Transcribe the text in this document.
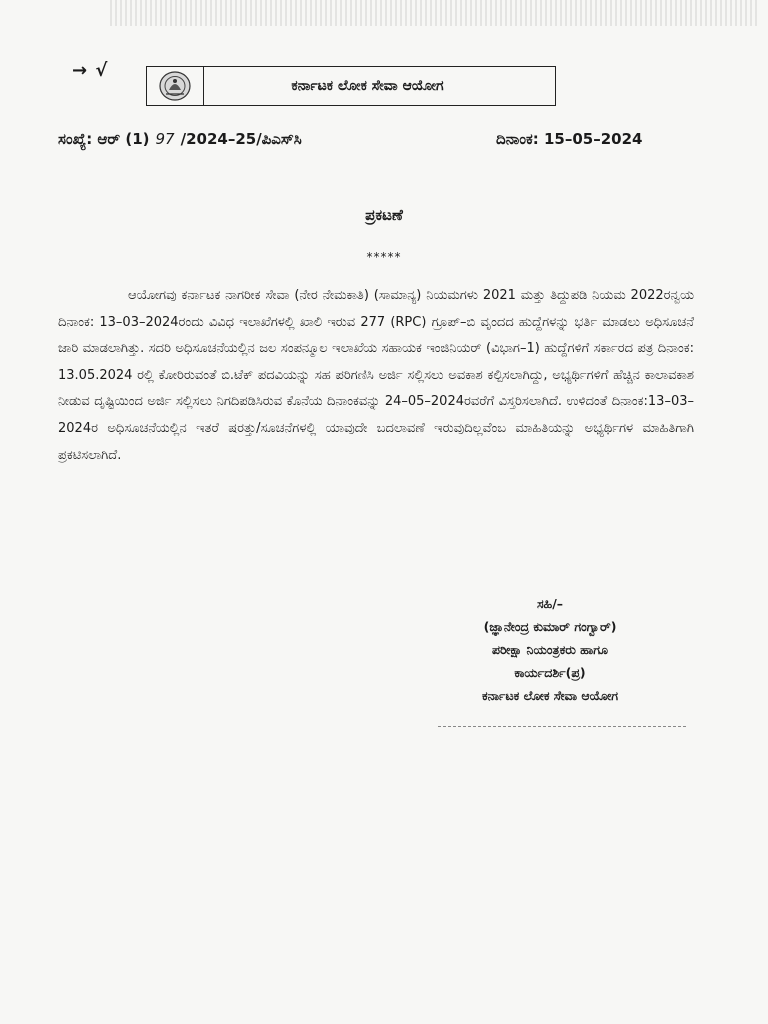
→ √
ಕರ್ನಾಟಕ ಲೋಕ ಸೇವಾ ಆಯೋಗ
ಸಂಖ್ಯೆ: ಆರ್ (1) 97 /2024–25/ಪಿಎಸ್‌ಸಿ	ದಿನಾಂಕ: 15–05–2024
ಪ್ರಕಟಣೆ
*****

ಆಯೋಗವು ಕರ್ನಾಟಕ ನಾಗರೀಕ ಸೇವಾ (ನೇರ ನೇಮಕಾತಿ) (ಸಾಮಾನ್ಯ) ನಿಯಮಗಳು 2021 ಮತ್ತು ತಿದ್ದುಪಡಿ ನಿಯಮ 2022ರನ್ವಯ ದಿನಾಂಕ: 13–03–2024ರಂದು ವಿವಿಧ ಇಲಾಖೆಗಳಲ್ಲಿ ಖಾಲಿ ಇರುವ 277 (RPC) ಗ್ರೂಪ್–ಬಿ ವೃಂದದ ಹುದ್ದೆಗಳನ್ನು ಭರ್ತಿ ಮಾಡಲು ಅಧಿಸೂಚನೆ ಜಾರಿ ಮಾಡಲಾಗಿತ್ತು. ಸದರಿ ಅಧಿಸೂಚನೆಯಲ್ಲಿನ ಜಲ ಸಂಪನ್ಮೂಲ ಇಲಾಖೆಯ ಸಹಾಯಕ ಇಂಜಿನಿಯರ್ (ವಿಭಾಗ–1) ಹುದ್ದೆಗಳಿಗೆ ಸರ್ಕಾರದ ಪತ್ರ ದಿನಾಂಕ: 13.05.2024 ರಲ್ಲಿ ಕೋರಿರುವಂತೆ ಬಿ.ಟೆಕ್ ಪದವಿಯನ್ನು ಸಹ ಪರಿಗಣಿಸಿ ಅರ್ಜಿ ಸಲ್ಲಿಸಲು ಅವಕಾಶ ಕಲ್ಪಿಸಲಾಗಿದ್ದು, ಅಭ್ಯರ್ಥಿಗಳಿಗೆ ಹೆಚ್ಚಿನ ಕಾಲಾವಕಾಶ ನೀಡುವ ದೃಷ್ಟಿಯಿಂದ ಅರ್ಜಿ ಸಲ್ಲಿಸಲು ನಿಗದಿಪಡಿಸಿರುವ ಕೊನೆಯ ದಿನಾಂಕವನ್ನು 24–05–2024ರವರೆಗೆ ವಿಸ್ತರಿಸಲಾಗಿದೆ. ಉಳಿದಂತೆ ದಿನಾಂಕ:13–03–2024ರ ಅಧಿಸೂಚನೆಯಲ್ಲಿನ ಇತರೆ ಷರತ್ತು/ಸೂಚನೆಗಳಲ್ಲಿ ಯಾವುದೇ ಬದಲಾವಣೆ ಇರುವುದಿಲ್ಲವೆಂಬ ಮಾಹಿತಿಯನ್ನು ಅಭ್ಯರ್ಥಿಗಳ ಮಾಹಿತಿಗಾಗಿ ಪ್ರಕಟಿಸಲಾಗಿದೆ.

ಸಹಿ/–
(ಜ್ಞಾನೇಂದ್ರ ಕುಮಾರ್ ಗಂಗ್ವಾರ್)
ಪರೀಕ್ಷಾ ನಿಯಂತ್ರಕರು ಹಾಗೂ
ಕಾರ್ಯದರ್ಶಿ(ಪ್ರ)
ಕರ್ನಾಟಕ ಲೋಕ ಸೇವಾ ಆಯೋಗ
